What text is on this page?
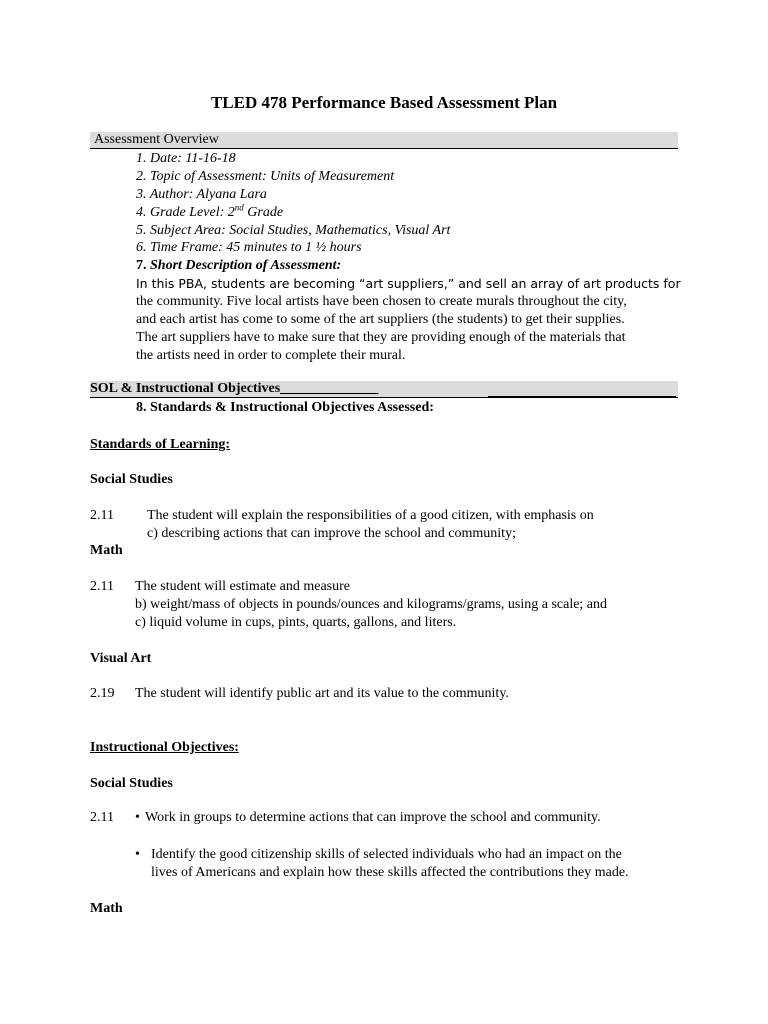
TLED 478 Performance Based Assessment Plan
Assessment Overview
1. Date: 11-16-18
2. Topic of Assessment: Units of Measurement
3. Author: Alyana Lara
4. Grade Level: 2nd Grade
5. Subject Area: Social Studies, Mathematics, Visual Art
6. Time Frame: 45 minutes to 1 ½ hours
7. Short Description of Assessment:
In this PBA, students are becoming “art suppliers,” and sell an array of art products for
the community. Five local artists have been chosen to create murals throughout the city,
and each artist has come to some of the art suppliers (the students) to get their supplies.
The art suppliers have to make sure that they are providing enough of the materials that
the artists need in order to complete their mural.
SOL & Instructional Objectives______________
8. Standards & Instructional Objectives Assessed:
Standards of Learning:
Social Studies
2.11 The student will explain the responsibilities of a good citizen, with emphasis on
c) describing actions that can improve the school and community;
Math
2.11 The student will estimate and measure
b) weight/mass of objects in pounds/ounces and kilograms/grams, using a scale; and
c) liquid volume in cups, pints, quarts, gallons, and liters.
Visual Art
2.19 The student will identify public art and its value to the community.
Instructional Objectives:
Social Studies
2.11 • Work in groups to determine actions that can improve the school and community.
• Identify the good citizenship skills of selected individuals who had an impact on the
lives of Americans and explain how these skills affected the contributions they made.
Math
